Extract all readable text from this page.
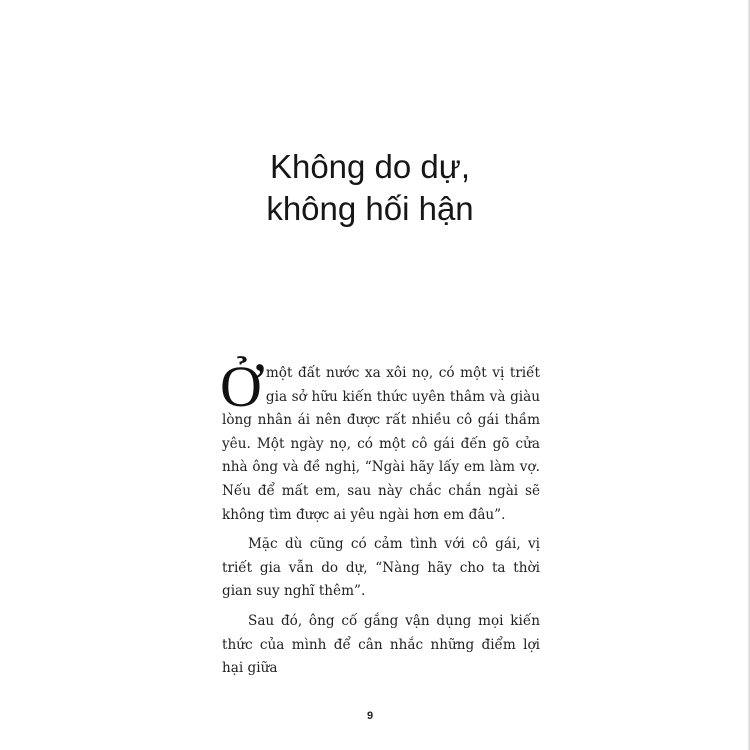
Không do dự,
không hối hận

Ởmột đất nước xa xôi nọ, có một vị triết gia sở hữu kiến thức uyên thâm và giàu lòng nhân ái nên được rất nhiều cô gái thầm yêu. Một ngày nọ, có một cô gái đến gõ cửa nhà ông và đề nghị, “Ngài hãy lấy em làm vợ. Nếu để mất em, sau này chắc chắn ngài sẽ không tìm được ai yêu ngài hơn em đâu”.

Mặc dù cũng có cảm tình với cô gái, vị triết gia vẫn do dự, “Nàng hãy cho ta thời gian suy nghĩ thêm”.

Sau đó, ông cố gắng vận dụng mọi kiến thức của mình để cân nhắc những điểm lợi hại giữa

9
